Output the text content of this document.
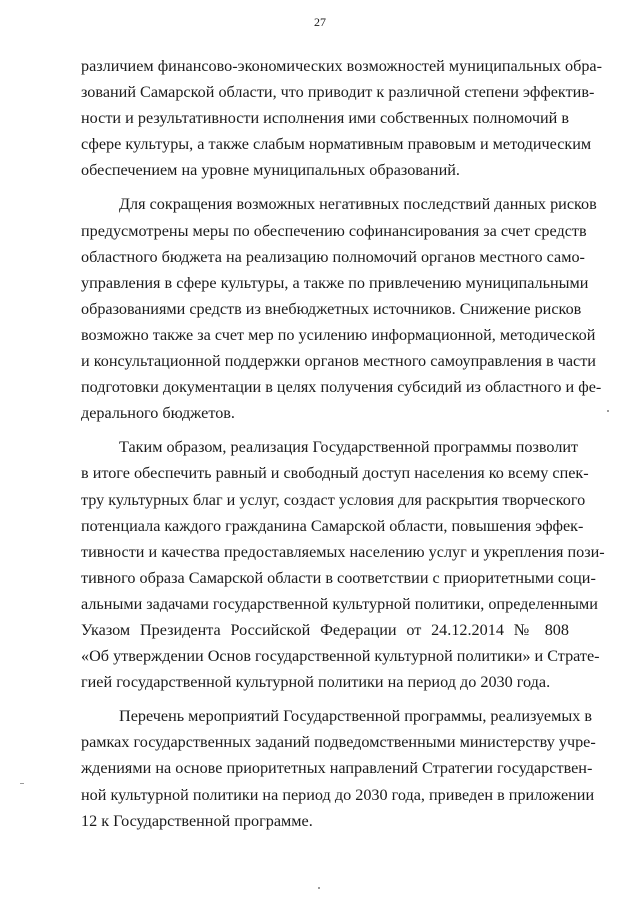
27
различием финансово-экономических возможностей муниципальных обра-
зований Самарской области, что приводит к различной степени эффектив-
ности и результативности исполнения ими собственных полномочий в
сфере культуры, а также слабым нормативным правовым и методическим
обеспечением на уровне муниципальных образований.
Для сокращения возможных негативных последствий данных рисков
предусмотрены меры по обеспечению софинансирования за счет средств
областного бюджета на реализацию полномочий органов местного само-
управления в сфере культуры, а также по привлечению муниципальными
образованиями средств из внебюджетных источников. Снижение рисков
возможно также за счет мер по усилению информационной, методической
и консультационной поддержки органов местного самоуправления в части
подготовки документации в целях получения субсидий из областного и фе-
дерального бюджетов.
Таким образом, реализация Государственной программы позволит
в итоге обеспечить равный и свободный доступ населения ко всему спек-
тру культурных благ и услуг, создаст условия для раскрытия творческого
потенциала каждого гражданина Самарской области, повышения эффек-
тивности и качества предоставляемых населению услуг и укрепления пози-
тивного образа Самарской области в соответствии с приоритетными соци-
альными задачами государственной культурной политики, определенными
Указом Президента Российской Федерации от 24.12.2014 № 808
«Об утверждении Основ государственной культурной политики» и Страте-
гией государственной культурной политики на период до 2030 года.
Перечень мероприятий Государственной программы, реализуемых в
рамках государственных заданий подведомственными министерству учре-
ждениями на основе приоритетных направлений Стратегии государствен-
ной культурной политики на период до 2030 года, приведен в приложении
12 к Государственной программе.
